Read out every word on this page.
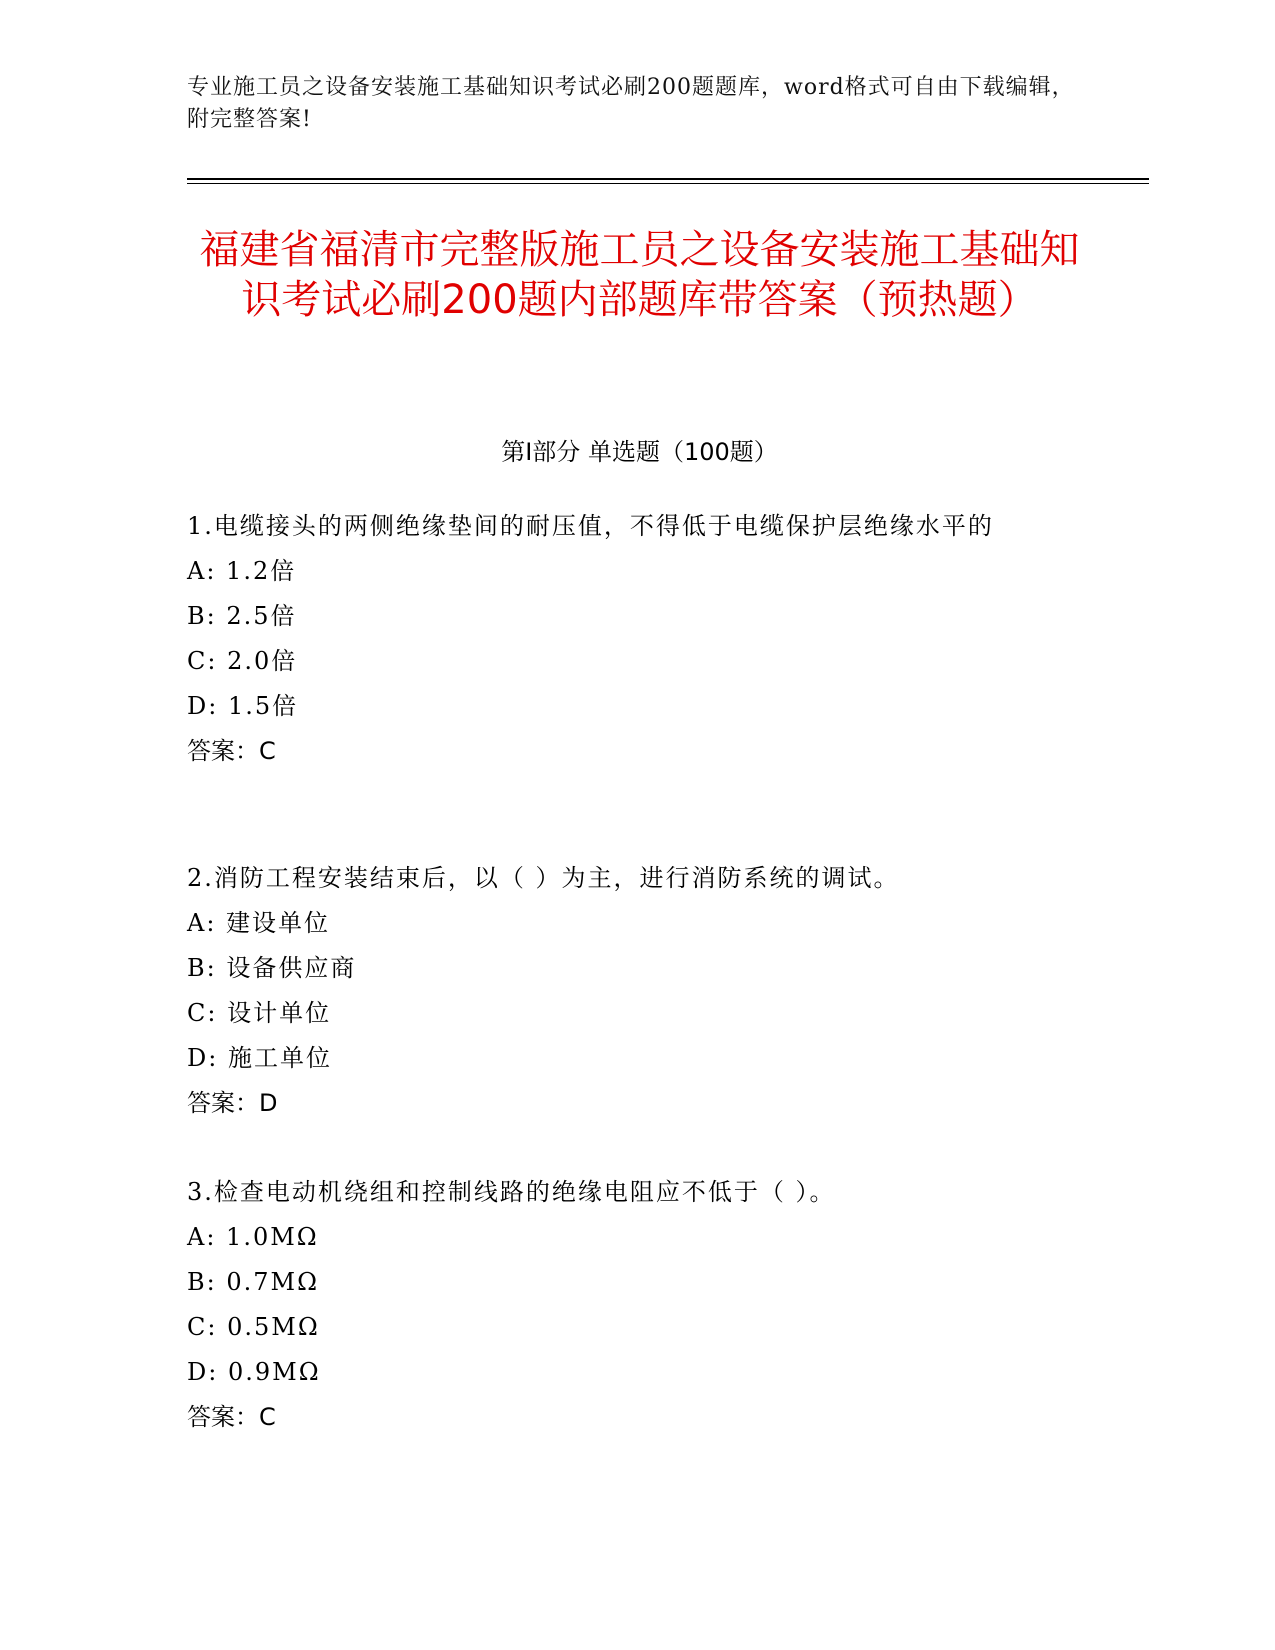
专业施工员之设备安装施工基础知识考试必刷200题题库，word格式可自由下载编辑，附完整答案!
福建省福清市完整版施工员之设备安装施工基础知识考试必刷200题内部题库带答案（预热题）
第I部分 单选题（100题）
1.电缆接头的两侧绝缘垫间的耐压值，不得低于电缆保护层绝缘水平的
A: 1.2倍
B: 2.5倍
C: 2.0倍
D: 1.5倍
答案：C
2.消防工程安装结束后，以（ ）为主，进行消防系统的调试。
A: 建设单位
B: 设备供应商
C: 设计单位
D: 施工单位
答案：D
3.检查电动机绕组和控制线路的绝缘电阻应不低于（ ）。
A: 1.0MΩ
B: 0.7MΩ
C: 0.5MΩ
D: 0.9MΩ
答案：C
